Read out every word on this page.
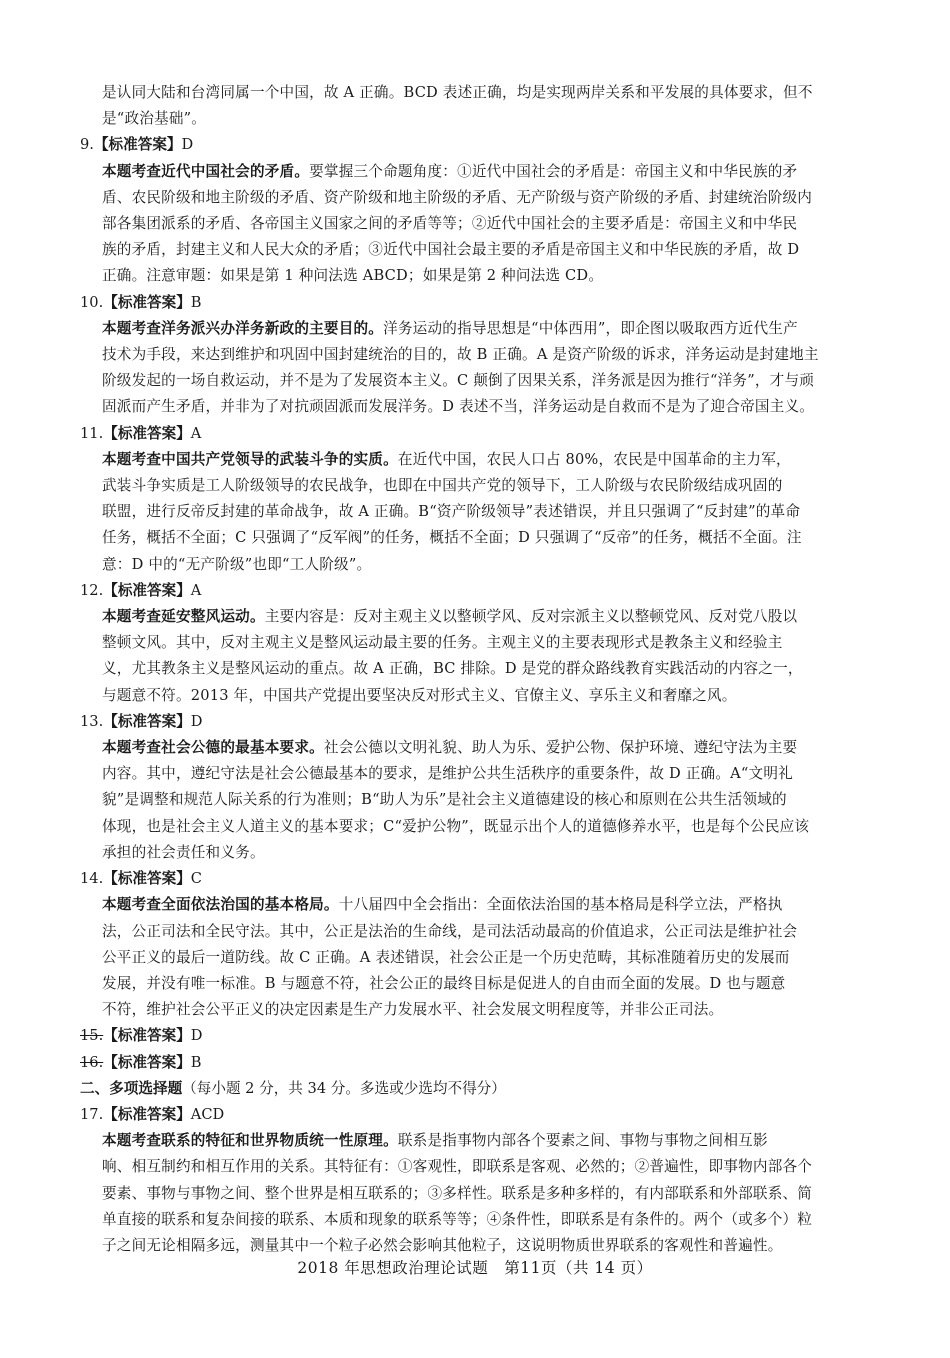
是认同大陆和台湾同属一个中国，故 A 正确。BCD 表述正确，均是实现两岸关系和平发展的具体要求，但不
是“政治基础”。
9.【标准答案】D
本题考查近代中国社会的矛盾。要掌握三个命题角度：①近代中国社会的矛盾是：帝国主义和中华民族的矛
盾、农民阶级和地主阶级的矛盾、资产阶级和地主阶级的矛盾、无产阶级与资产阶级的矛盾、封建统治阶级内
部各集团派系的矛盾、各帝国主义国家之间的矛盾等等；②近代中国社会的主要矛盾是：帝国主义和中华民
族的矛盾，封建主义和人民大众的矛盾；③近代中国社会最主要的矛盾是帝国主义和中华民族的矛盾，故 D
正确。注意审题：如果是第 1 种问法选 ABCD；如果是第 2 种问法选 CD。
10.【标准答案】B
本题考查洋务派兴办洋务新政的主要目的。洋务运动的指导思想是“中体西用”，即企图以吸取西方近代生产
技术为手段，来达到维护和巩固中国封建统治的目的，故 B 正确。A 是资产阶级的诉求，洋务运动是封建地主
阶级发起的一场自救运动，并不是为了发展资本主义。C 颠倒了因果关系，洋务派是因为推行“洋务”，才与顽
固派而产生矛盾，并非为了对抗顽固派而发展洋务。D 表述不当，洋务运动是自救而不是为了迎合帝国主义。
11.【标准答案】A
本题考查中国共产党领导的武装斗争的实质。在近代中国，农民人口占 80%，农民是中国革命的主力军，
武装斗争实质是工人阶级领导的农民战争，也即在中国共产党的领导下，工人阶级与农民阶级结成巩固的
联盟，进行反帝反封建的革命战争，故 A 正确。B“资产阶级领导”表述错误，并且只强调了“反封建”的革命
任务，概括不全面；C 只强调了“反军阀”的任务，概括不全面；D 只强调了“反帝”的任务，概括不全面。注
意：D 中的“无产阶级”也即“工人阶级”。
12.【标准答案】A
本题考查延安整风运动。主要内容是：反对主观主义以整顿学风、反对宗派主义以整顿党风、反对党八股以
整顿文风。其中，反对主观主义是整风运动最主要的任务。主观主义的主要表现形式是教条主义和经验主
义，尤其教条主义是整风运动的重点。故 A 正确，BC 排除。D 是党的群众路线教育实践活动的内容之一，
与题意不符。2013 年，中国共产党提出要坚决反对形式主义、官僚主义、享乐主义和奢靡之风。
13.【标准答案】D
本题考查社会公德的最基本要求。社会公德以文明礼貌、助人为乐、爱护公物、保护环境、遵纪守法为主要
内容。其中，遵纪守法是社会公德最基本的要求，是维护公共生活秩序的重要条件，故 D 正确。A“文明礼
貌”是调整和规范人际关系的行为准则；B“助人为乐”是社会主义道德建设的核心和原则在公共生活领域的
体现，也是社会主义人道主义的基本要求；C“爱护公物”，既显示出个人的道德修养水平，也是每个公民应该
承担的社会责任和义务。
14.【标准答案】C
本题考查全面依法治国的基本格局。十八届四中全会指出：全面依法治国的基本格局是科学立法，严格执
法，公正司法和全民守法。其中，公正是法治的生命线，是司法活动最高的价值追求，公正司法是维护社会
公平正义的最后一道防线。故 C 正确。A 表述错误，社会公正是一个历史范畴，其标准随着历史的发展而
发展，并没有唯一标准。B 与题意不符，社会公正的最终目标是促进人的自由而全面的发展。D 也与题意
不符，维护社会公平正义的决定因素是生产力发展水平、社会发展文明程度等，并非公正司法。
15.【标准答案】D
16.【标准答案】B
二、多项选择题（每小题 2 分，共 34 分。多选或少选均不得分）
17.【标准答案】ACD
本题考查联系的特征和世界物质统一性原理。联系是指事物内部各个要素之间、事物与事物之间相互影
响、相互制约和相互作用的关系。其特征有：①客观性，即联系是客观、必然的；②普遍性，即事物内部各个
要素、事物与事物之间、整个世界是相互联系的；③多样性。联系是多种多样的，有内部联系和外部联系、简
单直接的联系和复杂间接的联系、本质和现象的联系等等；④条件性，即联系是有条件的。两个（或多个）粒
子之间无论相隔多远，测量其中一个粒子必然会影响其他粒子，这说明物质世界联系的客观性和普遍性。
2018 年思想政治理论试题　第11页（共 14 页）
